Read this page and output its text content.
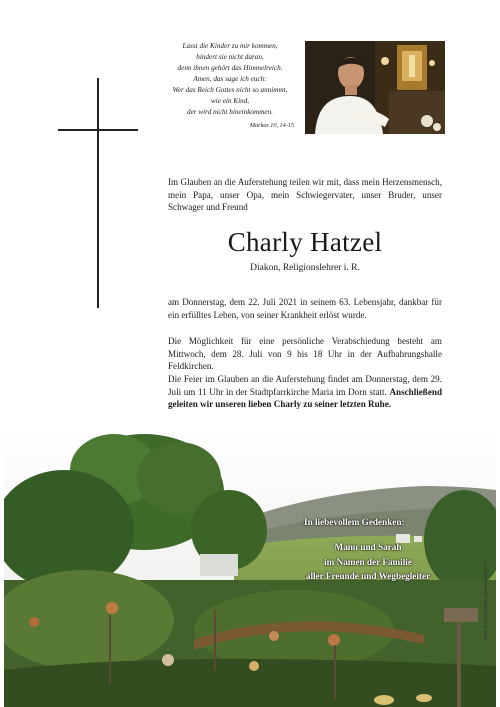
Lasst die Kinder zu mir kommen,
hindert sie nicht daran,
denn ihnen gehört das Himmelreich.
Amen, das sage ich euch:
Wer das Reich Gottes nicht so annimmt,
wie ein Kind,
der wird nicht hineinkommen.
Markus 10, 14-15
Im Glauben an die Auferstehung teilen wir mit, dass mein Herzensmensch, mein Papa, unser Opa, mein Schwiegervater, unser Bruder, unser Schwager und Freund
Charly Hatzel
Diakon, Religionslehrer i. R.
am Donnerstag, dem 22. Juli 2021 in seinem 63. Lebensjahr, dankbar für ein erfülltes Leben, von seiner Krankheit erlöst wurde.
Die Möglichkeit für eine persönliche Verabschiedung besteht am Mittwoch, dem 28. Juli von 9 bis 18 Uhr in der Aufbahrungshalle Feldkirchen.
Die Feier im Glauben an die Auferstehung findet am Donnerstag, dem 29. Juli um 11 Uhr in der Stadtpfarrkirche Maria im Dorn statt. Anschließend geleiten wir unseren lieben Charly zu seiner letzten Ruhe.
In liebevollem Gedenken:
Manu und Sarah
im Namen der Familie
aller Freunde und Wegbegleiter	Foto: Kurt Tschinkel, www.viasolis.com
